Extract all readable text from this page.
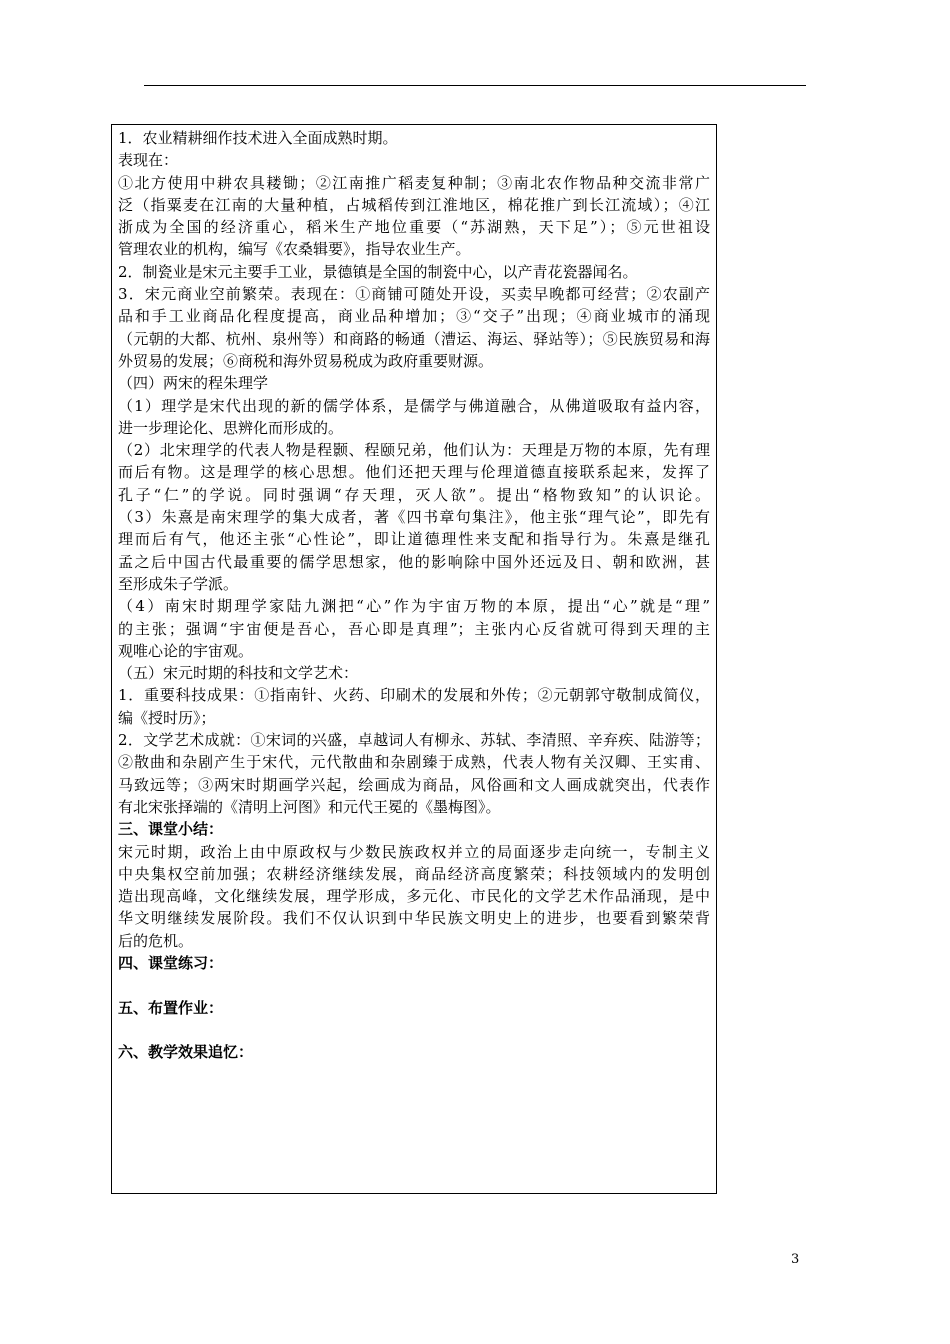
1．农业精耕细作技术进入全面成熟时期。
表现在：
①北方使用中耕农具耧锄；②江南推广稻麦复种制；③南北农作物品种交流非常广
泛（指粟麦在江南的大量种植，占城稻传到江淮地区，棉花推广到长江流域）；④江
浙成为全国的经济重心，稻米生产地位重要（“苏湖熟，天下足”）；⑤元世祖设
管理农业的机构，编写《农桑辑要》，指导农业生产。
2．制瓷业是宋元主要手工业，景德镇是全国的制瓷中心，以产青花瓷器闻名。
3．宋元商业空前繁荣。表现在：①商铺可随处开设，买卖早晚都可经营；②农副产
品和手工业商品化程度提高，商业品种增加；③“交子”出现；④商业城市的涌现
（元朝的大都、杭州、泉州等）和商路的畅通（漕运、海运、驿站等）；⑤民族贸易和海
外贸易的发展；⑥商税和海外贸易税成为政府重要财源。
（四）两宋的程朱理学
（1）理学是宋代出现的新的儒学体系，是儒学与佛道融合，从佛道吸取有益内容，
进一步理论化、思辨化而形成的。
（2）北宋理学的代表人物是程颢、程颐兄弟，他们认为：天理是万物的本原，先有理
而后有物。这是理学的核心思想。他们还把天理与伦理道德直接联系起来，发挥了
孔子“仁”的学说。同时强调“存天理，灭人欲”。提出“格物致知”的认识论。
（3）朱熹是南宋理学的集大成者，著《四书章句集注》，他主张“理气论”，即先有
理而后有气，他还主张“心性论”，即让道德理性来支配和指导行为。朱熹是继孔
孟之后中国古代最重要的儒学思想家，他的影响除中国外还远及日、朝和欧洲，甚
至形成朱子学派。
（4）南宋时期理学家陆九渊把“心”作为宇宙万物的本原，提出“心”就是“理”
的主张；强调“宇宙便是吾心，吾心即是真理”；主张内心反省就可得到天理的主
观唯心论的宇宙观。
（五）宋元时期的科技和文学艺术：
1．重要科技成果：①指南针、火药、印刷术的发展和外传；②元朝郭守敬制成简仪，
编《授时历》；
2．文学艺术成就：①宋词的兴盛，卓越词人有柳永、苏轼、李清照、辛弃疾、陆游等；
②散曲和杂剧产生于宋代，元代散曲和杂剧臻于成熟，代表人物有关汉卿、王实甫、
马致远等；③两宋时期画学兴起，绘画成为商品，风俗画和文人画成就突出，代表作
有北宋张择端的《清明上河图》和元代王冕的《墨梅图》。
三、课堂小结：
宋元时期，政治上由中原政权与少数民族政权并立的局面逐步走向统一，专制主义
中央集权空前加强；农耕经济继续发展，商品经济高度繁荣；科技领域内的发明创
造出现高峰，文化继续发展，理学形成，多元化、市民化的文学艺术作品涌现，是中
华文明继续发展阶段。我们不仅认识到中华民族文明史上的进步，也要看到繁荣背
后的危机。
四、课堂练习：
五、布置作业：
六、教学效果追忆：
3
